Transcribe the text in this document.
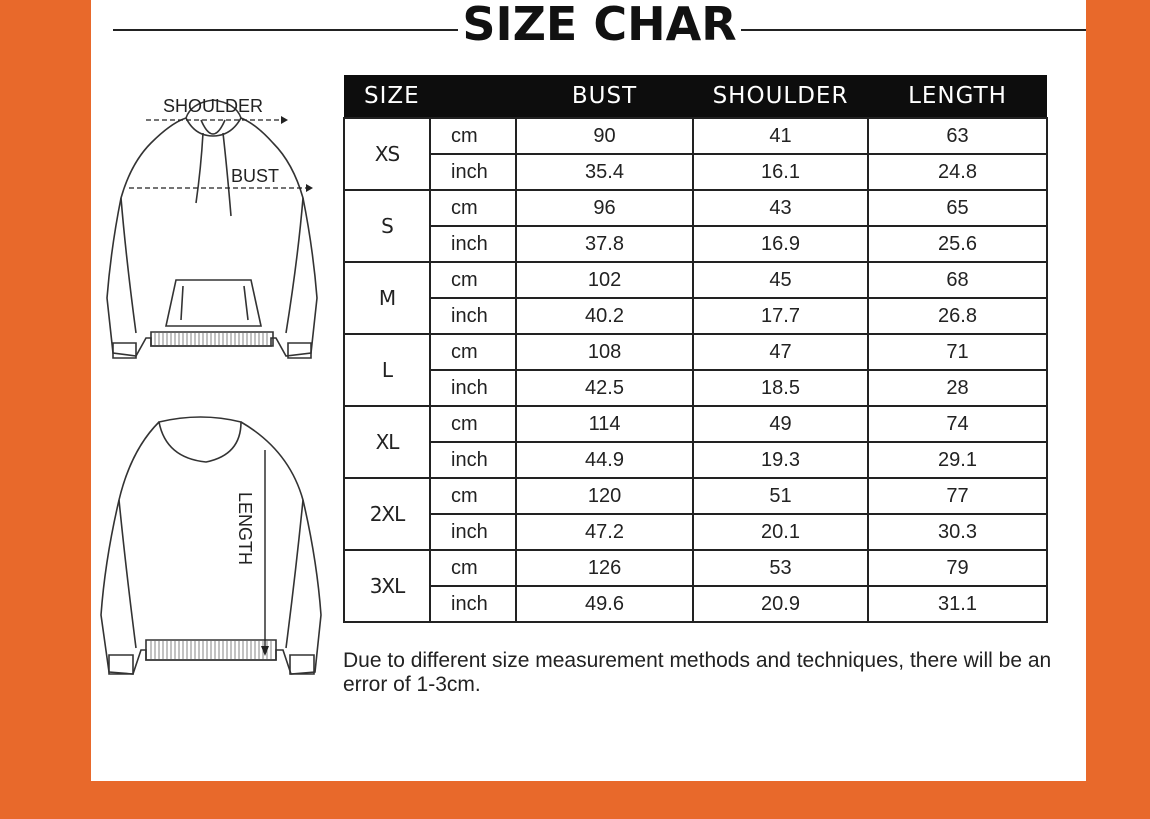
SIZE CHAR
SHOULDER
BUST
LENGTH
SIZE		BUST	SHOULDER	LENGTH
XS	cm	90	41	63
	inch	35.4	16.1	24.8
S	cm	96	43	65
	inch	37.8	16.9	25.6
M	cm	102	45	68
	inch	40.2	17.7	26.8
L	cm	108	47	71
	inch	42.5	18.5	28
XL	cm	114	49	74
	inch	44.9	19.3	29.1
2XL	cm	120	51	77
	inch	47.2	20.1	30.3
3XL	cm	126	53	79
	inch	49.6	20.9	31.1
Due to different size measurement methods and techniques, there will be an error of 1-3cm.
